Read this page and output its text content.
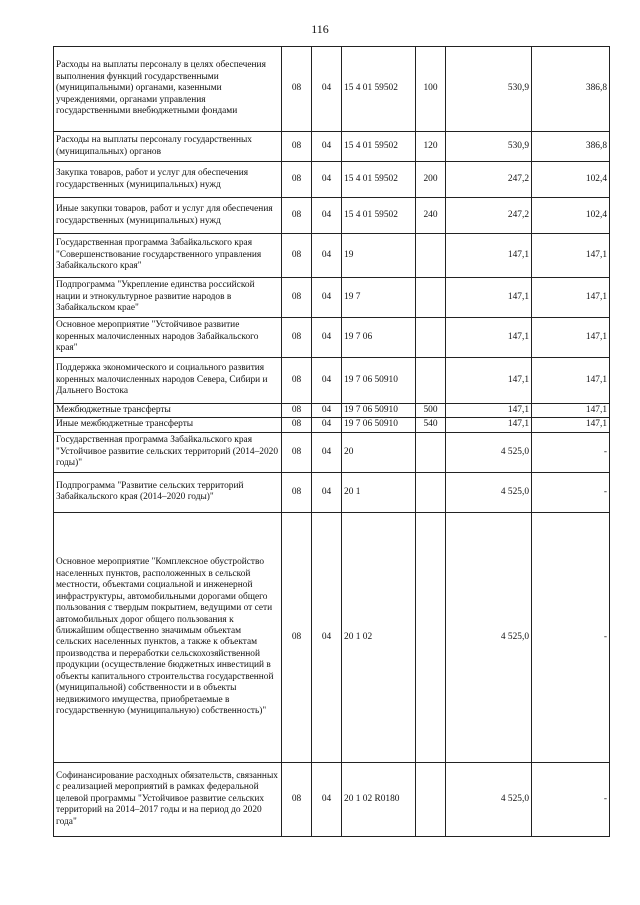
116
Расходы на выплаты персоналу в целях обеспечения выполнения функций государственными (муниципальными) органами, казенными учреждениями, органами управления государственными внебюджетными фондами	08	04	15 4 01 59502	100	530,9	386,8
Расходы на выплаты персоналу государственных (муниципальных) органов	08	04	15 4 01 59502	120	530,9	386,8
Закупка товаров, работ и услуг для обеспечения государственных (муниципальных) нужд	08	04	15 4 01 59502	200	247,2	102,4
Иные закупки товаров, работ и услуг для обеспечения государственных (муниципальных) нужд	08	04	15 4 01 59502	240	247,2	102,4
Государственная программа Забайкальского края "Совершенствование государственного управления Забайкальского края"	08	04	19		147,1	147,1
Подпрограмма "Укрепление единства российской нации и этнокультурное развитие народов в Забайкальском крае"	08	04	19 7		147,1	147,1
Основное мероприятие "Устойчивое развитие коренных малочисленных народов Забайкальского края"	08	04	19 7 06		147,1	147,1
Поддержка экономического и социального развития коренных малочисленных народов Севера, Сибири и Дальнего Востока	08	04	19 7 06 50910		147,1	147,1
Межбюджетные трансферты	08	04	19 7 06 50910	500	147,1	147,1
Иные межбюджетные трансферты	08	04	19 7 06 50910	540	147,1	147,1
Государственная программа Забайкальского края "Устойчивое развитие сельских территорий (2014–2020 годы)"	08	04	20		4 525,0	-
Подпрограмма "Развитие сельских территорий Забайкальского края (2014–2020 годы)"	08	04	20 1		4 525,0	-
Основное мероприятие "Комплексное обустройство населенных пунктов, расположенных в сельской местности, объектами социальной и инженерной инфраструктуры, автомобильными дорогами общего пользования с твердым покрытием, ведущими от сети автомобильных дорог общего пользования к ближайшим общественно значимым объектам сельских населенных пунктов, а также к объектам производства и переработки сельскохозяйственной продукции (осуществление бюджетных инвестиций в объекты капитального строительства государственной (муниципальной) собственности и в объекты недвижимого имущества, приобретаемые в государственную (муниципальную) собственность)"	08	04	20 1 02		4 525,0	-
Софинансирование расходных обязательств, связанных с реализацией мероприятий в рамках федеральной целевой программы "Устойчивое развитие сельских территорий на 2014–2017 годы и на период до 2020 года"	08	04	20 1 02 R0180		4 525,0	-
